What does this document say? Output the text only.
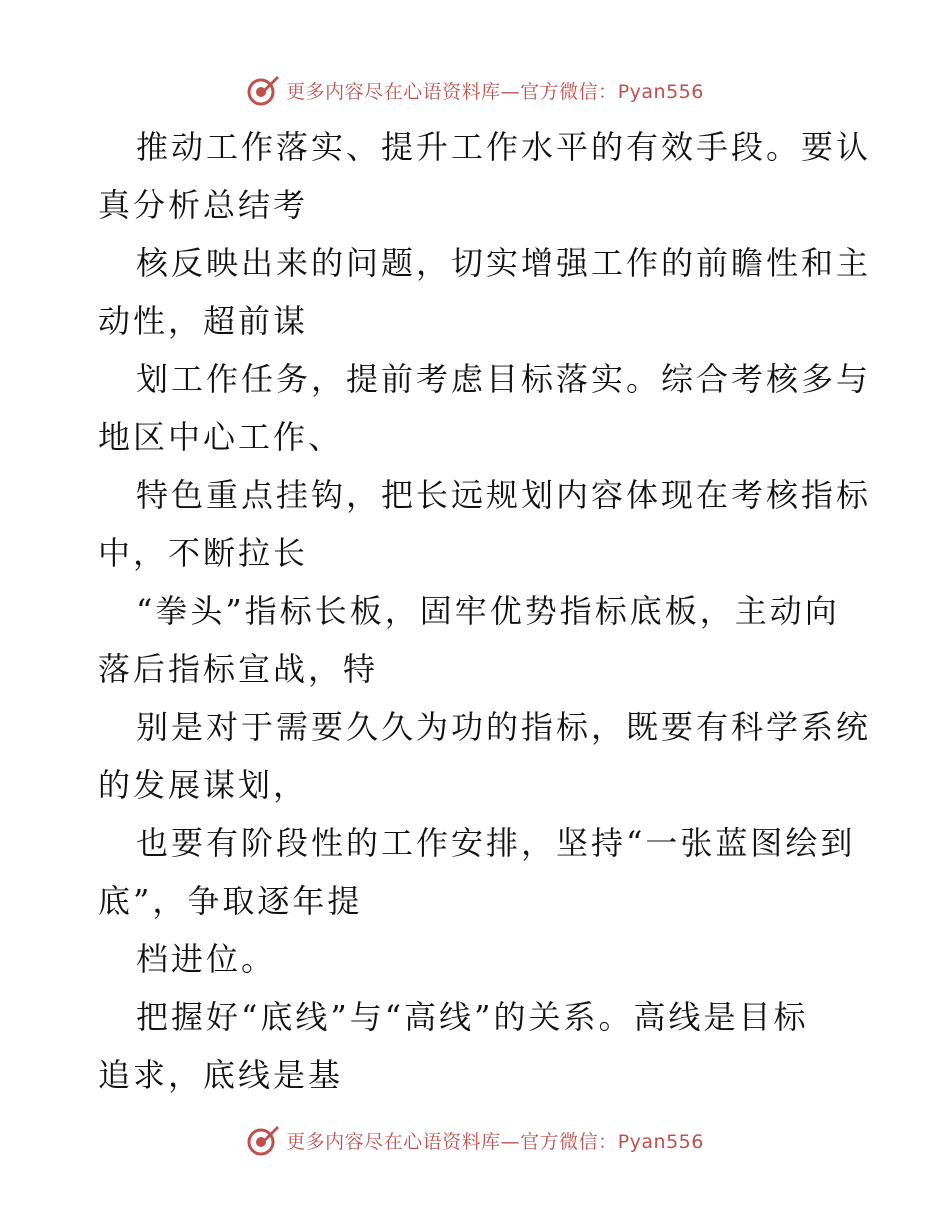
更多内容尽在心语资料库—官方微信：Pyan556
推动工作落实、提升工作水平的有效手段。要认
真分析总结考
核反映出来的问题，切实增强工作的前瞻性和主
动性，超前谋
划工作任务，提前考虑目标落实。综合考核多与
地区中心工作、
特色重点挂钩，把长远规划内容体现在考核指标
中，不断拉长
“拳头”指标长板，固牢优势指标底板，主动向
落后指标宣战，特
别是对于需要久久为功的指标，既要有科学系统
的发展谋划，
也要有阶段性的工作安排，坚持“一张蓝图绘到
底”，争取逐年提
档进位。
把握好“底线”与“高线”的关系。高线是目标
追求，底线是基
更多内容尽在心语资料库—官方微信：Pyan556
